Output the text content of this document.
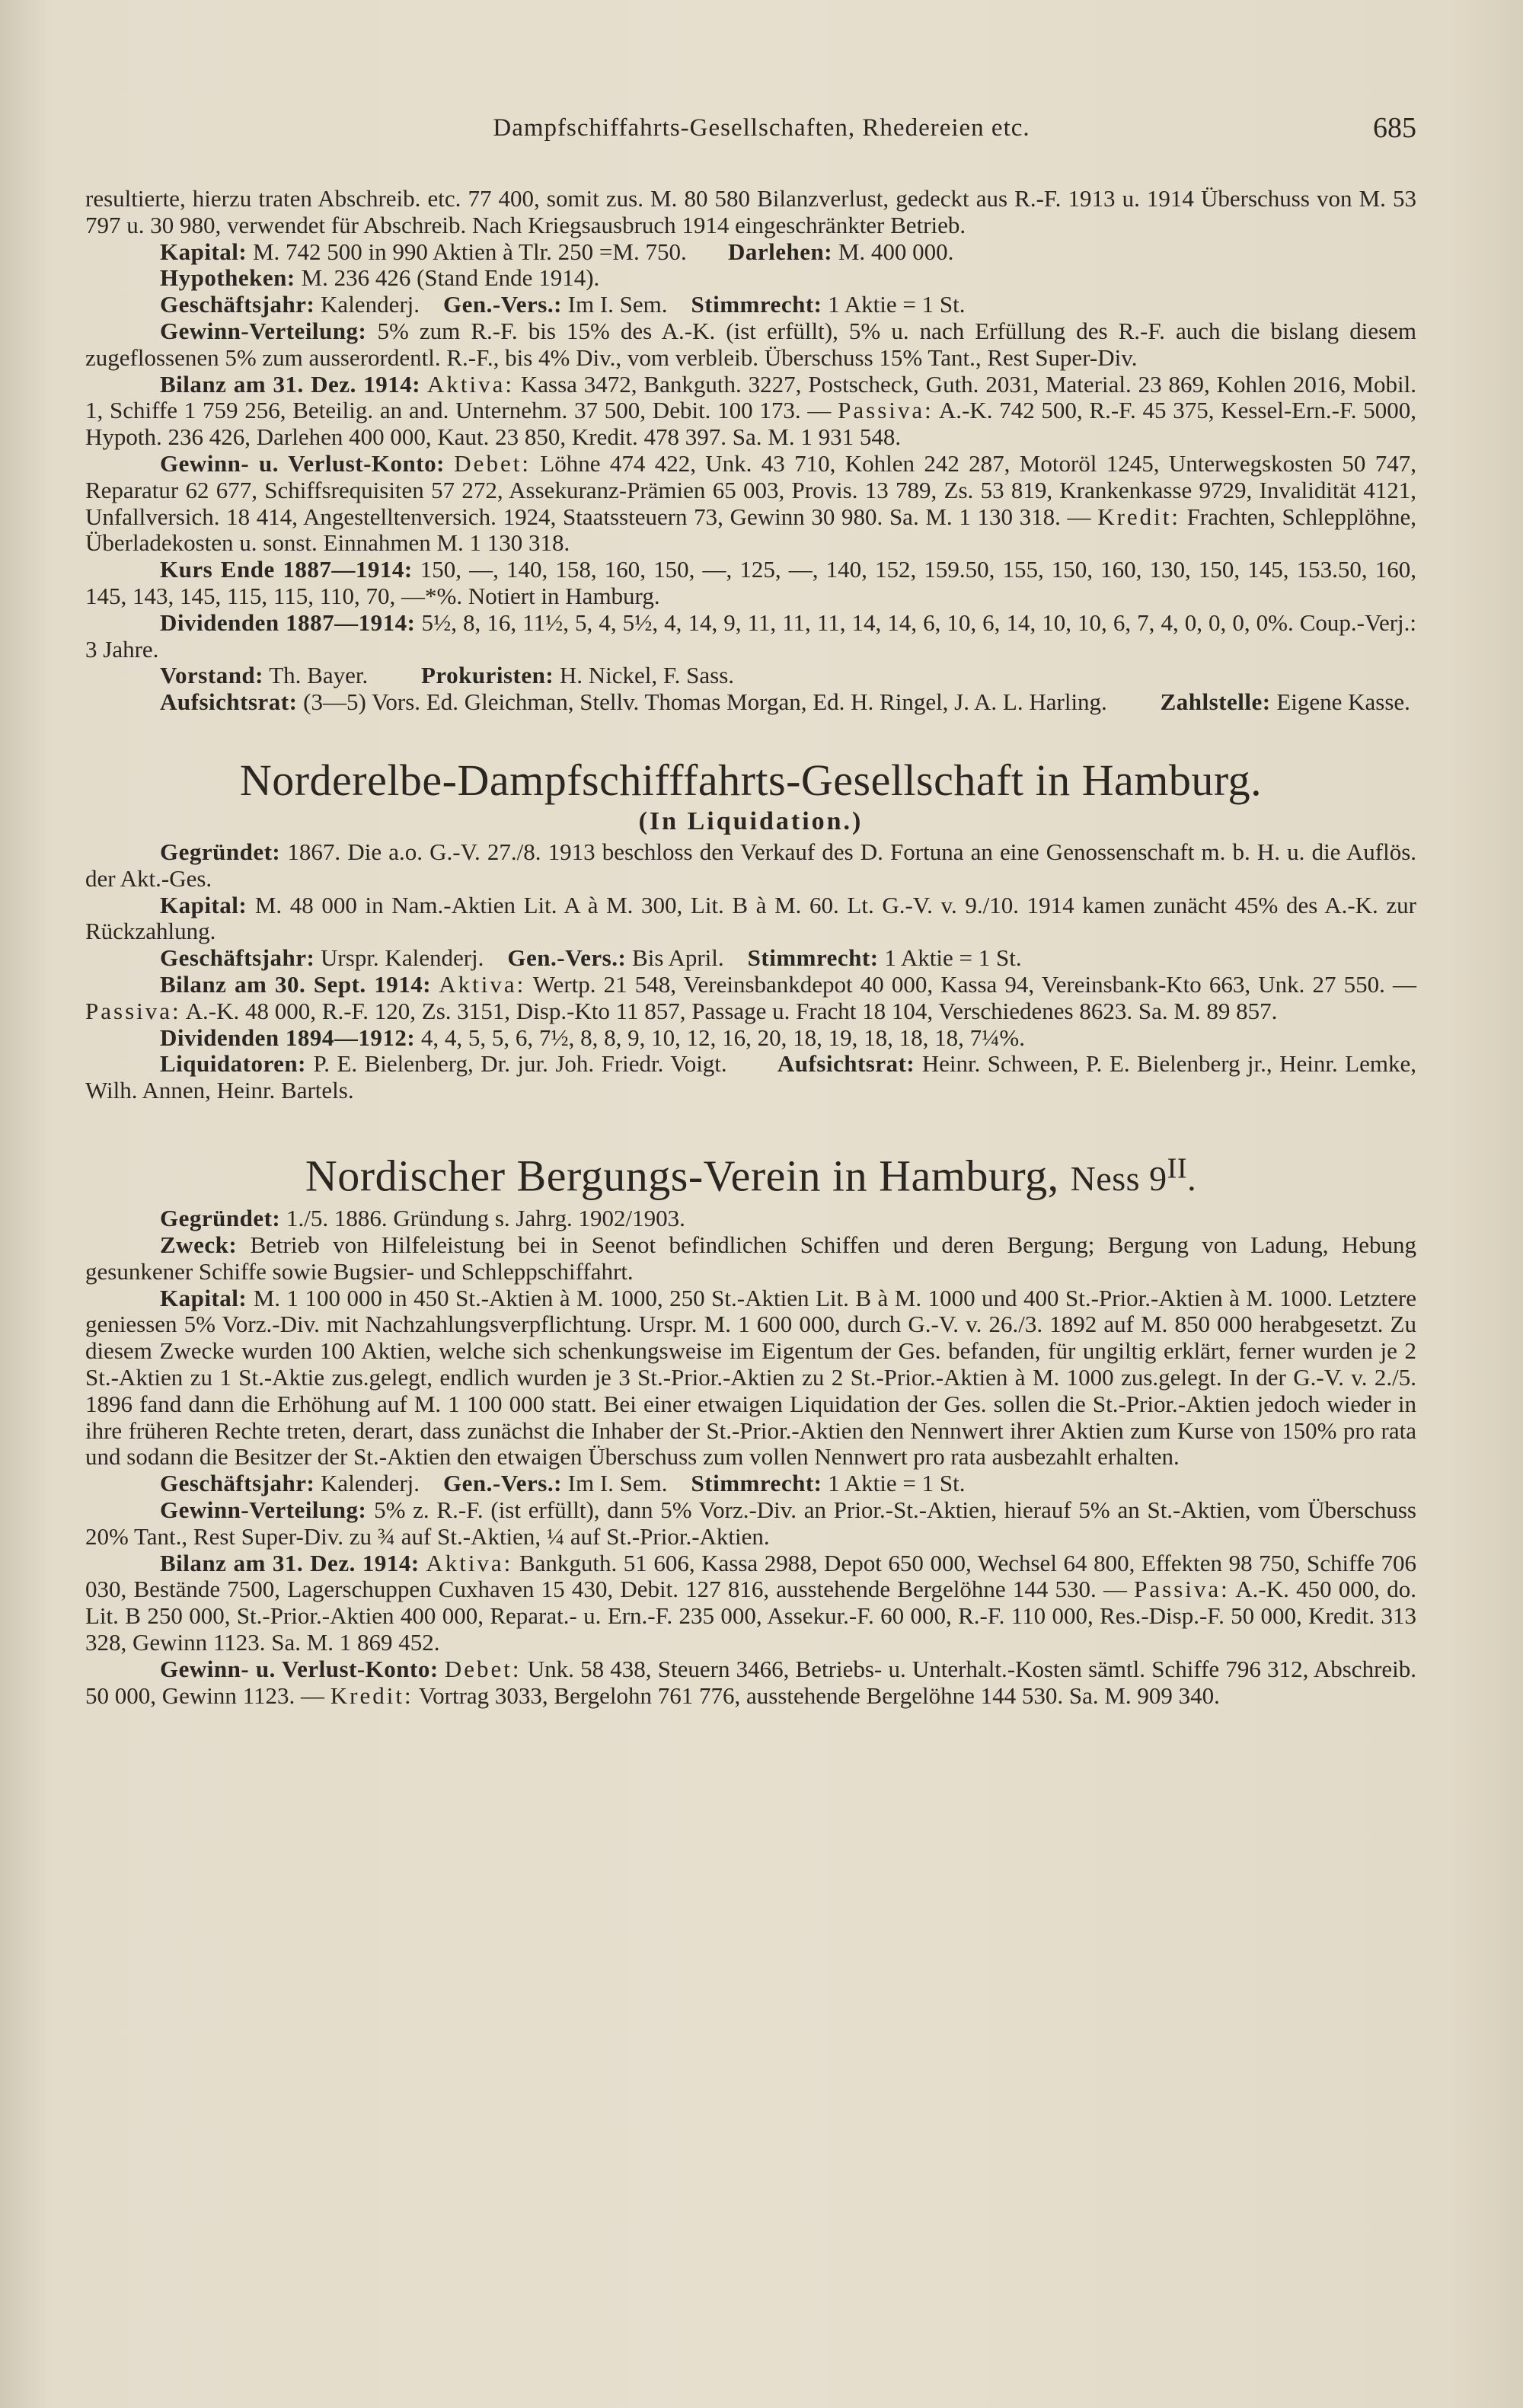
Dampfschiffahrts-Gesellschaften, Rhedereien etc.	685

resultierte, hierzu traten Abschreib. etc. 77 400, somit zus. M. 80 580 Bilanzverlust, gedeckt aus R.-F. 1913 u. 1914 Überschuss von M. 53 797 u. 30 980, verwendet für Abschreib. Nach Kriegsausbruch 1914 eingeschränkter Betrieb.

Kapital: M. 742 500 in 990 Aktien à Tlr. 250 =M. 750. Darlehen: M. 400 000.

Hypotheken: M. 236 426 (Stand Ende 1914).

Geschäftsjahr: Kalenderj. Gen.-Vers.: Im I. Sem. Stimmrecht: 1 Aktie = 1 St.

Gewinn-Verteilung: 5% zum R.-F. bis 15% des A.-K. (ist erfüllt), 5% u. nach Erfüllung des R.-F. auch die bislang diesem zugeflossenen 5% zum ausserordentl. R.-F., bis 4% Div., vom verbleib. Überschuss 15% Tant., Rest Super-Div.

Bilanz am 31. Dez. 1914: Aktiva: Kassa 3472, Bankguth. 3227, Postscheck, Guth. 2031, Material. 23 869, Kohlen 2016, Mobil. 1, Schiffe 1 759 256, Beteilig. an and. Unternehm. 37 500, Debit. 100 173. — Passiva: A.-K. 742 500, R.-F. 45 375, Kessel-Ern.-F. 5000, Hypoth. 236 426, Darlehen 400 000, Kaut. 23 850, Kredit. 478 397. Sa. M. 1 931 548.

Gewinn- u. Verlust-Konto: Debet: Löhne 474 422, Unk. 43 710, Kohlen 242 287, Motoröl 1245, Unterwegskosten 50 747, Reparatur 62 677, Schiffsrequisiten 57 272, Assekuranz-Prämien 65 003, Provis. 13 789, Zs. 53 819, Krankenkasse 9729, Invalidität 4121, Unfallversich. 18 414, Angestelltenversich. 1924, Staatssteuern 73, Gewinn 30 980. Sa. M. 1 130 318. — Kredit: Frachten, Schlepplöhne, Überladekosten u. sonst. Einnahmen M. 1 130 318.

Kurs Ende 1887—1914: 150, —, 140, 158, 160, 150, —, 125, —, 140, 152, 159.50, 155, 150, 160, 130, 150, 145, 153.50, 160, 145, 143, 145, 115, 115, 110, 70, —*%. Notiert in Hamburg.

Dividenden 1887—1914: 5½, 8, 16, 11½, 5, 4, 5½, 4, 14, 9, 11, 11, 11, 14, 14, 6, 10, 6, 14, 10, 10, 6, 7, 4, 0, 0, 0, 0%. Coup.-Verj.: 3 Jahre.

Vorstand: Th. Bayer. Prokuristen: H. Nickel, F. Sass.

Aufsichtsrat: (3—5) Vors. Ed. Gleichman, Stellv. Thomas Morgan, Ed. H. Ringel, J. A. L. Harling. Zahlstelle: Eigene Kasse.

Norderelbe-Dampfschifffahrts-Gesellschaft in Hamburg.
(In Liquidation.)

Gegründet: 1867. Die a.o. G.-V. 27./8. 1913 beschloss den Verkauf des D. Fortuna an eine Genossenschaft m. b. H. u. die Auflös. der Akt.-Ges.

Kapital: M. 48 000 in Nam.-Aktien Lit. A à M. 300, Lit. B à M. 60. Lt. G.-V. v. 9./10. 1914 kamen zunächt 45% des A.-K. zur Rückzahlung.

Geschäftsjahr: Urspr. Kalenderj. Gen.-Vers.: Bis April. Stimmrecht: 1 Aktie = 1 St.

Bilanz am 30. Sept. 1914: Aktiva: Wertp. 21 548, Vereinsbankdepot 40 000, Kassa 94, Vereinsbank-Kto 663, Unk. 27 550. — Passiva: A.-K. 48 000, R.-F. 120, Zs. 3151, Disp.-Kto 11 857, Passage u. Fracht 18 104, Verschiedenes 8623. Sa. M. 89 857.

Dividenden 1894—1912: 4, 4, 5, 5, 6, 7½, 8, 8, 9, 10, 12, 16, 20, 18, 19, 18, 18, 18, 7¼%.

Liquidatoren: P. E. Bielenberg, Dr. jur. Joh. Friedr. Voigt. Aufsichtsrat: Heinr. Schween, P. E. Bielenberg jr., Heinr. Lemke, Wilh. Annen, Heinr. Bartels.

Nordischer Bergungs-Verein in Hamburg, Ness $9^{II}$.

Gegründet: 1./5. 1886. Gründung s. Jahrg. 1902/1903.

Zweck: Betrieb von Hilfeleistung bei in Seenot befindlichen Schiffen und deren Bergung; Bergung von Ladung, Hebung gesunkener Schiffe sowie Bugsier- und Schleppschiffahrt.

Kapital: M. 1 100 000 in 450 St.-Aktien à M. 1000, 250 St.-Aktien Lit. B à M. 1000 und 400 St.-Prior.-Aktien à M. 1000. Letztere geniessen 5% Vorz.-Div. mit Nachzahlungsverpflichtung. Urspr. M. 1 600 000, durch G.-V. v. 26./3. 1892 auf M. 850 000 herabgesetzt. Zu diesem Zwecke wurden 100 Aktien, welche sich schenkungsweise im Eigentum der Ges. befanden, für ungiltig erklärt, ferner wurden je 2 St.-Aktien zu 1 St.-Aktie zus.gelegt, endlich wurden je 3 St.-Prior.-Aktien zu 2 St.-Prior.-Aktien à M. 1000 zus.gelegt. In der G.-V. v. 2./5. 1896 fand dann die Erhöhung auf M. 1 100 000 statt. Bei einer etwaigen Liquidation der Ges. sollen die St.-Prior.-Aktien jedoch wieder in ihre früheren Rechte treten, derart, dass zunächst die Inhaber der St.-Prior.-Aktien den Nennwert ihrer Aktien zum Kurse von 150% pro rata und sodann die Besitzer der St.-Aktien den etwaigen Überschuss zum vollen Nennwert pro rata ausbezahlt erhalten.

Geschäftsjahr: Kalenderj. Gen.-Vers.: Im I. Sem. Stimmrecht: 1 Aktie = 1 St.

Gewinn-Verteilung: 5% z. R.-F. (ist erfüllt), dann 5% Vorz.-Div. an Prior.-St.-Aktien, hierauf 5% an St.-Aktien, vom Überschuss 20% Tant., Rest Super-Div. zu ¾ auf St.-Aktien, ¼ auf St.-Prior.-Aktien.

Bilanz am 31. Dez. 1914: Aktiva: Bankguth. 51 606, Kassa 2988, Depot 650 000, Wechsel 64 800, Effekten 98 750, Schiffe 706 030, Bestände 7500, Lagerschuppen Cuxhaven 15 430, Debit. 127 816, ausstehende Bergelöhne 144 530. — Passiva: A.-K. 450 000, do. Lit. B 250 000, St.-Prior.-Aktien 400 000, Reparat.- u. Ern.-F. 235 000, Assekur.-F. 60 000, R.-F. 110 000, Res.-Disp.-F. 50 000, Kredit. 313 328, Gewinn 1123. Sa. M. 1 869 452.

Gewinn- u. Verlust-Konto: Debet: Unk. 58 438, Steuern 3466, Betriebs- u. Unterhalt.-Kosten sämtl. Schiffe 796 312, Abschreib. 50 000, Gewinn 1123. — Kredit: Vortrag 3033, Bergelohn 761 776, ausstehende Bergelöhne 144 530. Sa. M. 909 340.
